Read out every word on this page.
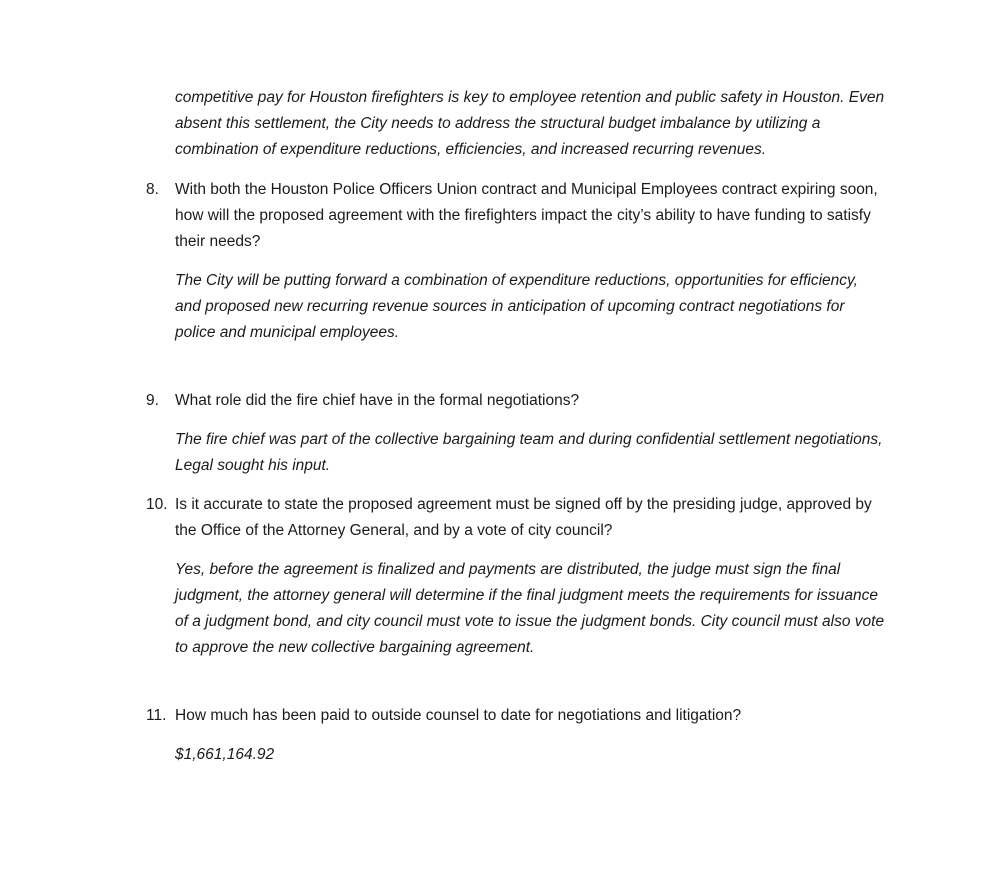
competitive pay for Houston firefighters is key to employee retention and public safety in Houston. Even absent this settlement, the City needs to address the structural budget imbalance by utilizing a combination of expenditure reductions, efficiencies, and increased recurring revenues.

8.	With both the Houston Police Officers Union contract and Municipal Employees contract expiring soon, how will the proposed agreement with the firefighters impact the city’s ability to have funding to satisfy their needs?

The City will be putting forward a combination of expenditure reductions, opportunities for efficiency, and proposed new recurring revenue sources in anticipation of upcoming contract negotiations for police and municipal employees.

9.	What role did the fire chief have in the formal negotiations?

The fire chief was part of the collective bargaining team and during confidential settlement negotiations, Legal sought his input.

10. Is it accurate to state the proposed agreement must be signed off by the presiding judge, approved by the Office of the Attorney General, and by a vote of city council?

Yes, before the agreement is finalized and payments are distributed, the judge must sign the final judgment, the attorney general will determine if the final judgment meets the requirements for issuance of a judgment bond, and city council must vote to issue the judgment bonds. City council must also vote to approve the new collective bargaining agreement.

11. How much has been paid to outside counsel to date for negotiations and litigation?

$1,661,164.92
